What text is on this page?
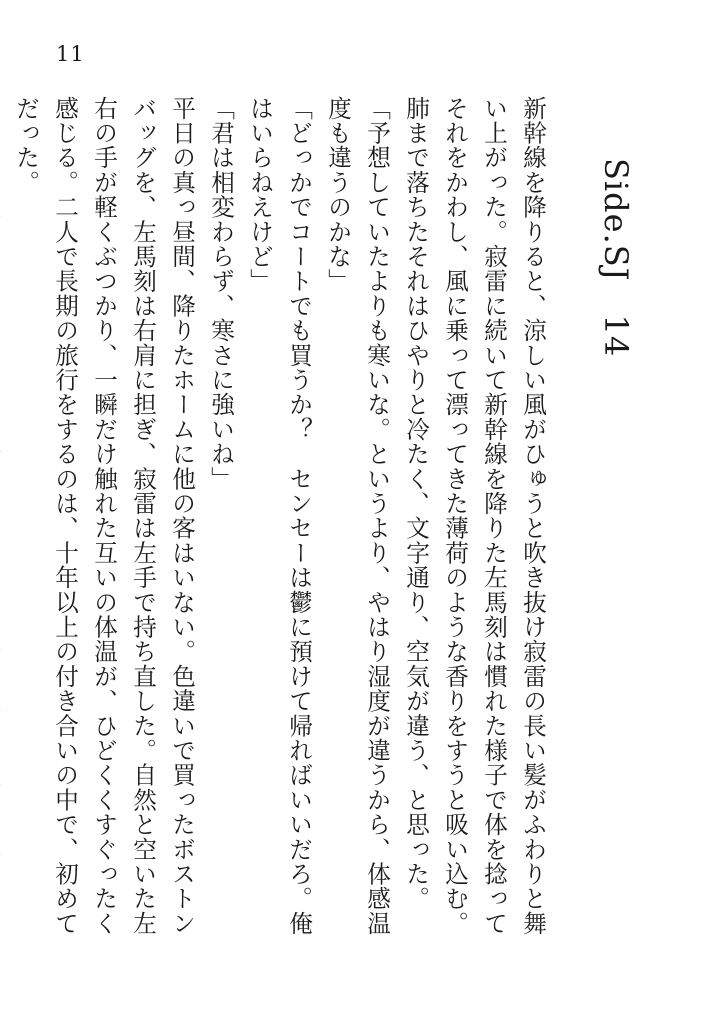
11
Side.SJ　14

新幹線を降りると、涼しい風がひゅうと吹き抜け寂雷の長い髪がふわりと舞い上がった。寂雷に続いて新幹線を降りた左馬刻は慣れた様子で体を捻ってそれをかわし、風に乗って漂ってきた薄荷のような香りをすうと吸い込む。肺まで落ちたそれはひやりと冷たく、文字通り、空気が違う、と思った。

「予想していたよりも寒いな。というより、やはり湿度が違うから、体感温度も違うのかな」

「どっかでコートでも買うか？　センセーは鬱に預けて帰ればいいだろ。俺はいらねえけど」

「君は相変わらず、寒さに強いね」

平日の真っ昼間、降りたホームに他の客はいない。色違いで買ったボストンバッグを、左馬刻は右肩に担ぎ、寂雷は左手で持ち直した。自然と空いた左右の手が軽くぶつかり、一瞬だけ触れた互いの体温が、ひどくくすぐったく感じる。二人で長期の旅行をするのは、十年以上の付き合いの中で、初めてだった。
